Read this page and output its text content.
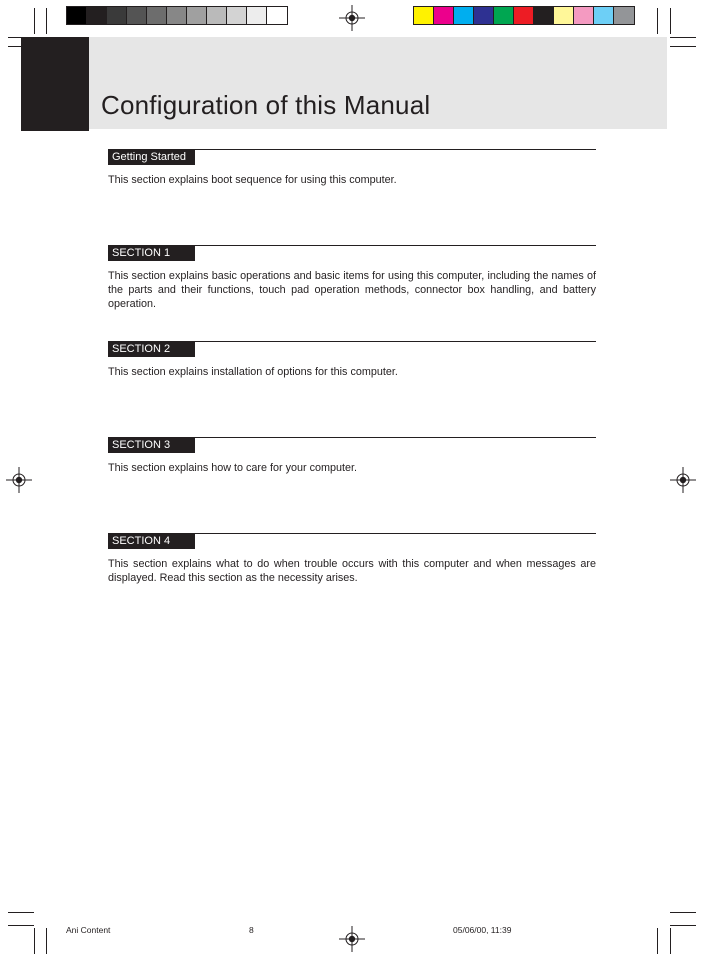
Configuration of this Manual
Getting Started
This section explains boot sequence for using this computer.
SECTION 1
This section explains basic operations and basic items for using this computer, including the names of the parts and their functions, touch pad operation methods, connector box handling, and battery operation.
SECTION 2
This section explains installation of options for this computer.
SECTION 3
This section explains how to care for your computer.
SECTION 4
This section explains what to do when trouble occurs with this computer and when messages are displayed. Read this section as the necessity arises.
Ani Content	8	05/06/00, 11:39
